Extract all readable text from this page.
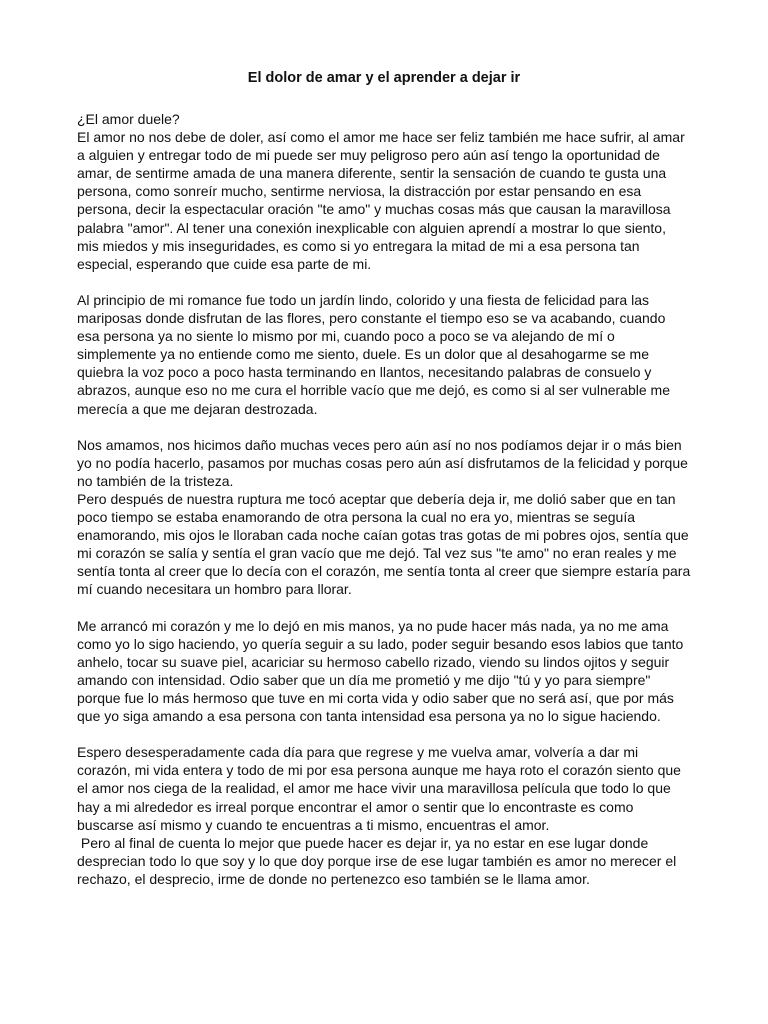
El dolor de amar y el aprender a dejar ir
¿El amor duele?
El amor no nos debe de doler, así como el amor me hace ser feliz también me hace sufrir, al amar
a alguien y entregar todo de mi puede ser muy peligroso pero aún así tengo la oportunidad de
amar, de sentirme amada de una manera diferente, sentir la sensación de cuando te gusta una
persona, como sonreír mucho, sentirme nerviosa, la distracción por estar pensando en esa
persona, decir la espectacular oración "te amo" y muchas cosas más que causan la maravillosa
palabra "amor". Al tener una conexión inexplicable con alguien aprendí a mostrar lo que siento,
mis miedos y mis inseguridades, es como si yo entregara la mitad de mi a esa persona tan
especial, esperando que cuide esa parte de mi.
Al principio de mi romance fue todo un jardín lindo, colorido y una fiesta de felicidad para las
mariposas donde disfrutan de las flores, pero constante el tiempo eso se va acabando, cuando
esa persona ya no siente lo mismo por mi, cuando poco a poco se va alejando de mí o
simplemente ya no entiende como me siento, duele. Es un dolor que al desahogarme se me
quiebra la voz poco a poco hasta terminando en llantos, necesitando palabras de consuelo y
abrazos, aunque eso no me cura el horrible vacío que me dejó, es como si al ser vulnerable me
merecía a que me dejaran destrozada.
Nos amamos, nos hicimos daño muchas veces pero aún así no nos podíamos dejar ir o más bien
yo no podía hacerlo, pasamos por muchas cosas pero aún así disfrutamos de la felicidad y porque
no también de la tristeza.
Pero después de nuestra ruptura me tocó aceptar que debería deja ir, me dolió saber que en tan
poco tiempo se estaba enamorando de otra persona la cual no era yo, mientras se seguía
enamorando, mis ojos le lloraban cada noche caían gotas tras gotas de mi pobres ojos, sentía que
mi corazón se salía y sentía el gran vacío que me dejó. Tal vez sus "te amo" no eran reales y me
sentía tonta al creer que lo decía con el corazón, me sentía tonta al creer que siempre estaría para
mí cuando necesitara un hombro para llorar.
Me arrancó mi corazón y me lo dejó en mis manos, ya no pude hacer más nada, ya no me ama
como yo lo sigo haciendo, yo quería seguir a su lado, poder seguir besando esos labios que tanto
anhelo, tocar su suave piel, acariciar su hermoso cabello rizado, viendo su lindos ojitos y seguir
amando con intensidad. Odio saber que un día me prometió y me dijo "tú y yo para siempre"
porque fue lo más hermoso que tuve en mi corta vida y odio saber que no será así, que por más
que yo siga amando a esa persona con tanta intensidad esa persona ya no lo sigue haciendo.
Espero desesperadamente cada día para que regrese y me vuelva amar, volvería a dar mi
corazón, mi vida entera y todo de mi por esa persona aunque me haya roto el corazón siento que
el amor nos ciega de la realidad, el amor me hace vivir una maravillosa película que todo lo que
hay a mi alrededor es irreal porque encontrar el amor o sentir que lo encontraste es como
buscarse así mismo y cuando te encuentras a ti mismo, encuentras el amor.
Pero al final de cuenta lo mejor que puede hacer es dejar ir, ya no estar en ese lugar donde
desprecian todo lo que soy y lo que doy porque irse de ese lugar también es amor no merecer el
rechazo, el desprecio, irme de donde no pertenezco eso también se le llama amor.
